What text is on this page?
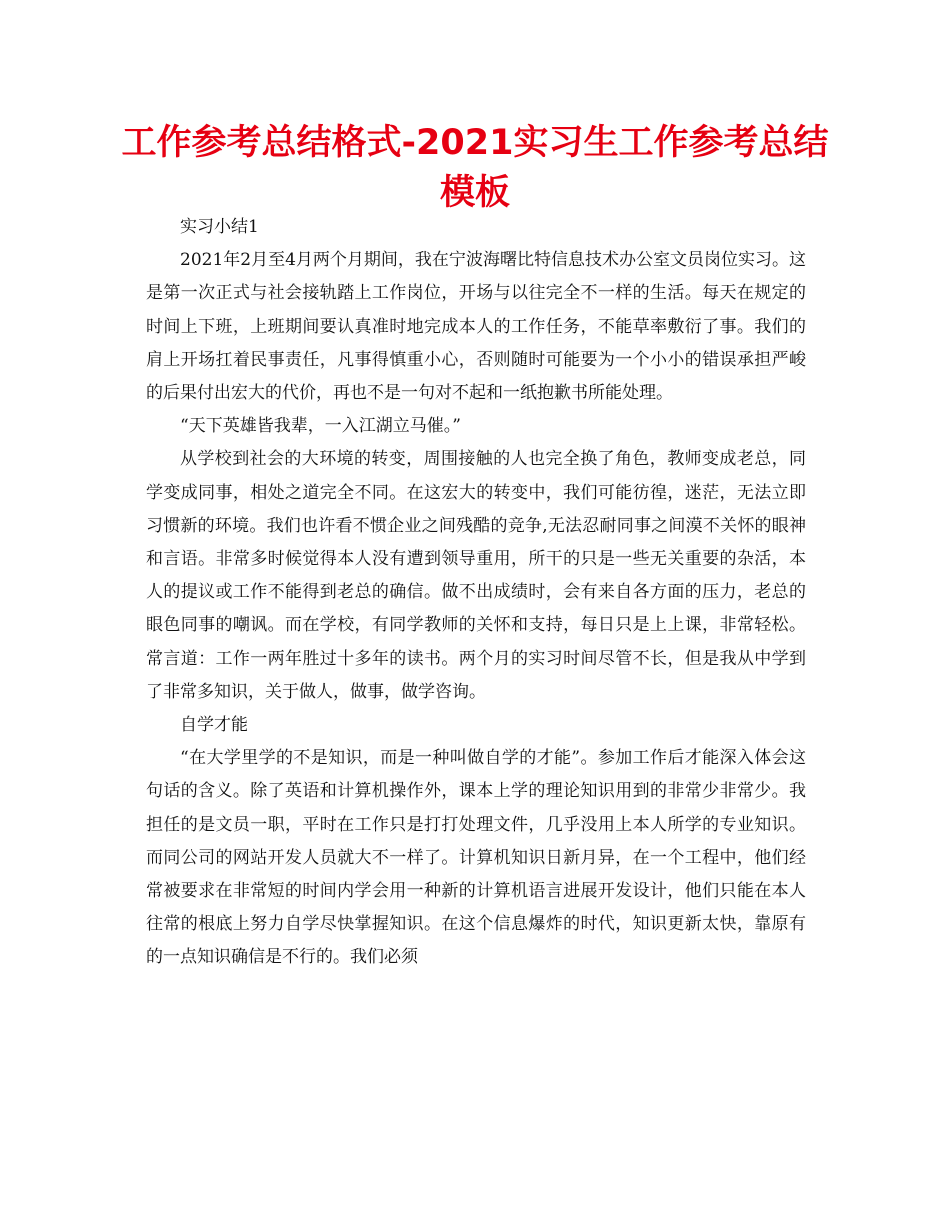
工作参考总结格式-2021实习生工作参考总结模板

实习小结1

2021年2月至4月两个月期间，我在宁波海曙比特信息技术办公室文员岗位实习。这是第一次正式与社会接轨踏上工作岗位，开场与以往完全不一样的生活。每天在规定的时间上下班，上班期间要认真准时地完成本人的工作任务，不能草率敷衍了事。我们的肩上开场扛着民事责任，凡事得慎重小心，否则随时可能要为一个小小的错误承担严峻的后果付出宏大的代价，再也不是一句对不起和一纸抱歉书所能处理。

“天下英雄皆我辈，一入江湖立马催。”

从学校到社会的大环境的转变，周围接触的人也完全换了角色，教师变成老总，同学变成同事，相处之道完全不同。在这宏大的转变中，我们可能彷徨，迷茫，无法立即习惯新的环境。我们也许看不惯企业之间残酷的竞争,无法忍耐同事之间漠不关怀的眼神和言语。非常多时候觉得本人没有遭到领导重用，所干的只是一些无关重要的杂活，本人的提议或工作不能得到老总的确信。做不出成绩时，会有来自各方面的压力，老总的眼色同事的嘲讽。而在学校，有同学教师的关怀和支持，每日只是上上课，非常轻松。常言道：工作一两年胜过十多年的读书。两个月的实习时间尽管不长，但是我从中学到了非常多知识，关于做人，做事，做学咨询。

自学才能

“在大学里学的不是知识，而是一种叫做自学的才能”。参加工作后才能深入体会这句话的含义。除了英语和计算机操作外，课本上学的理论知识用到的非常少非常少。我担任的是文员一职，平时在工作只是打打处理文件，几乎没用上本人所学的专业知识。而同公司的网站开发人员就大不一样了。计算机知识日新月异，在一个工程中，他们经常被要求在非常短的时间内学会用一种新的计算机语言进展开发设计，他们只能在本人往常的根底上努力自学尽快掌握知识。在这个信息爆炸的时代，知识更新太快，靠原有的一点知识确信是不行的。我们必须
